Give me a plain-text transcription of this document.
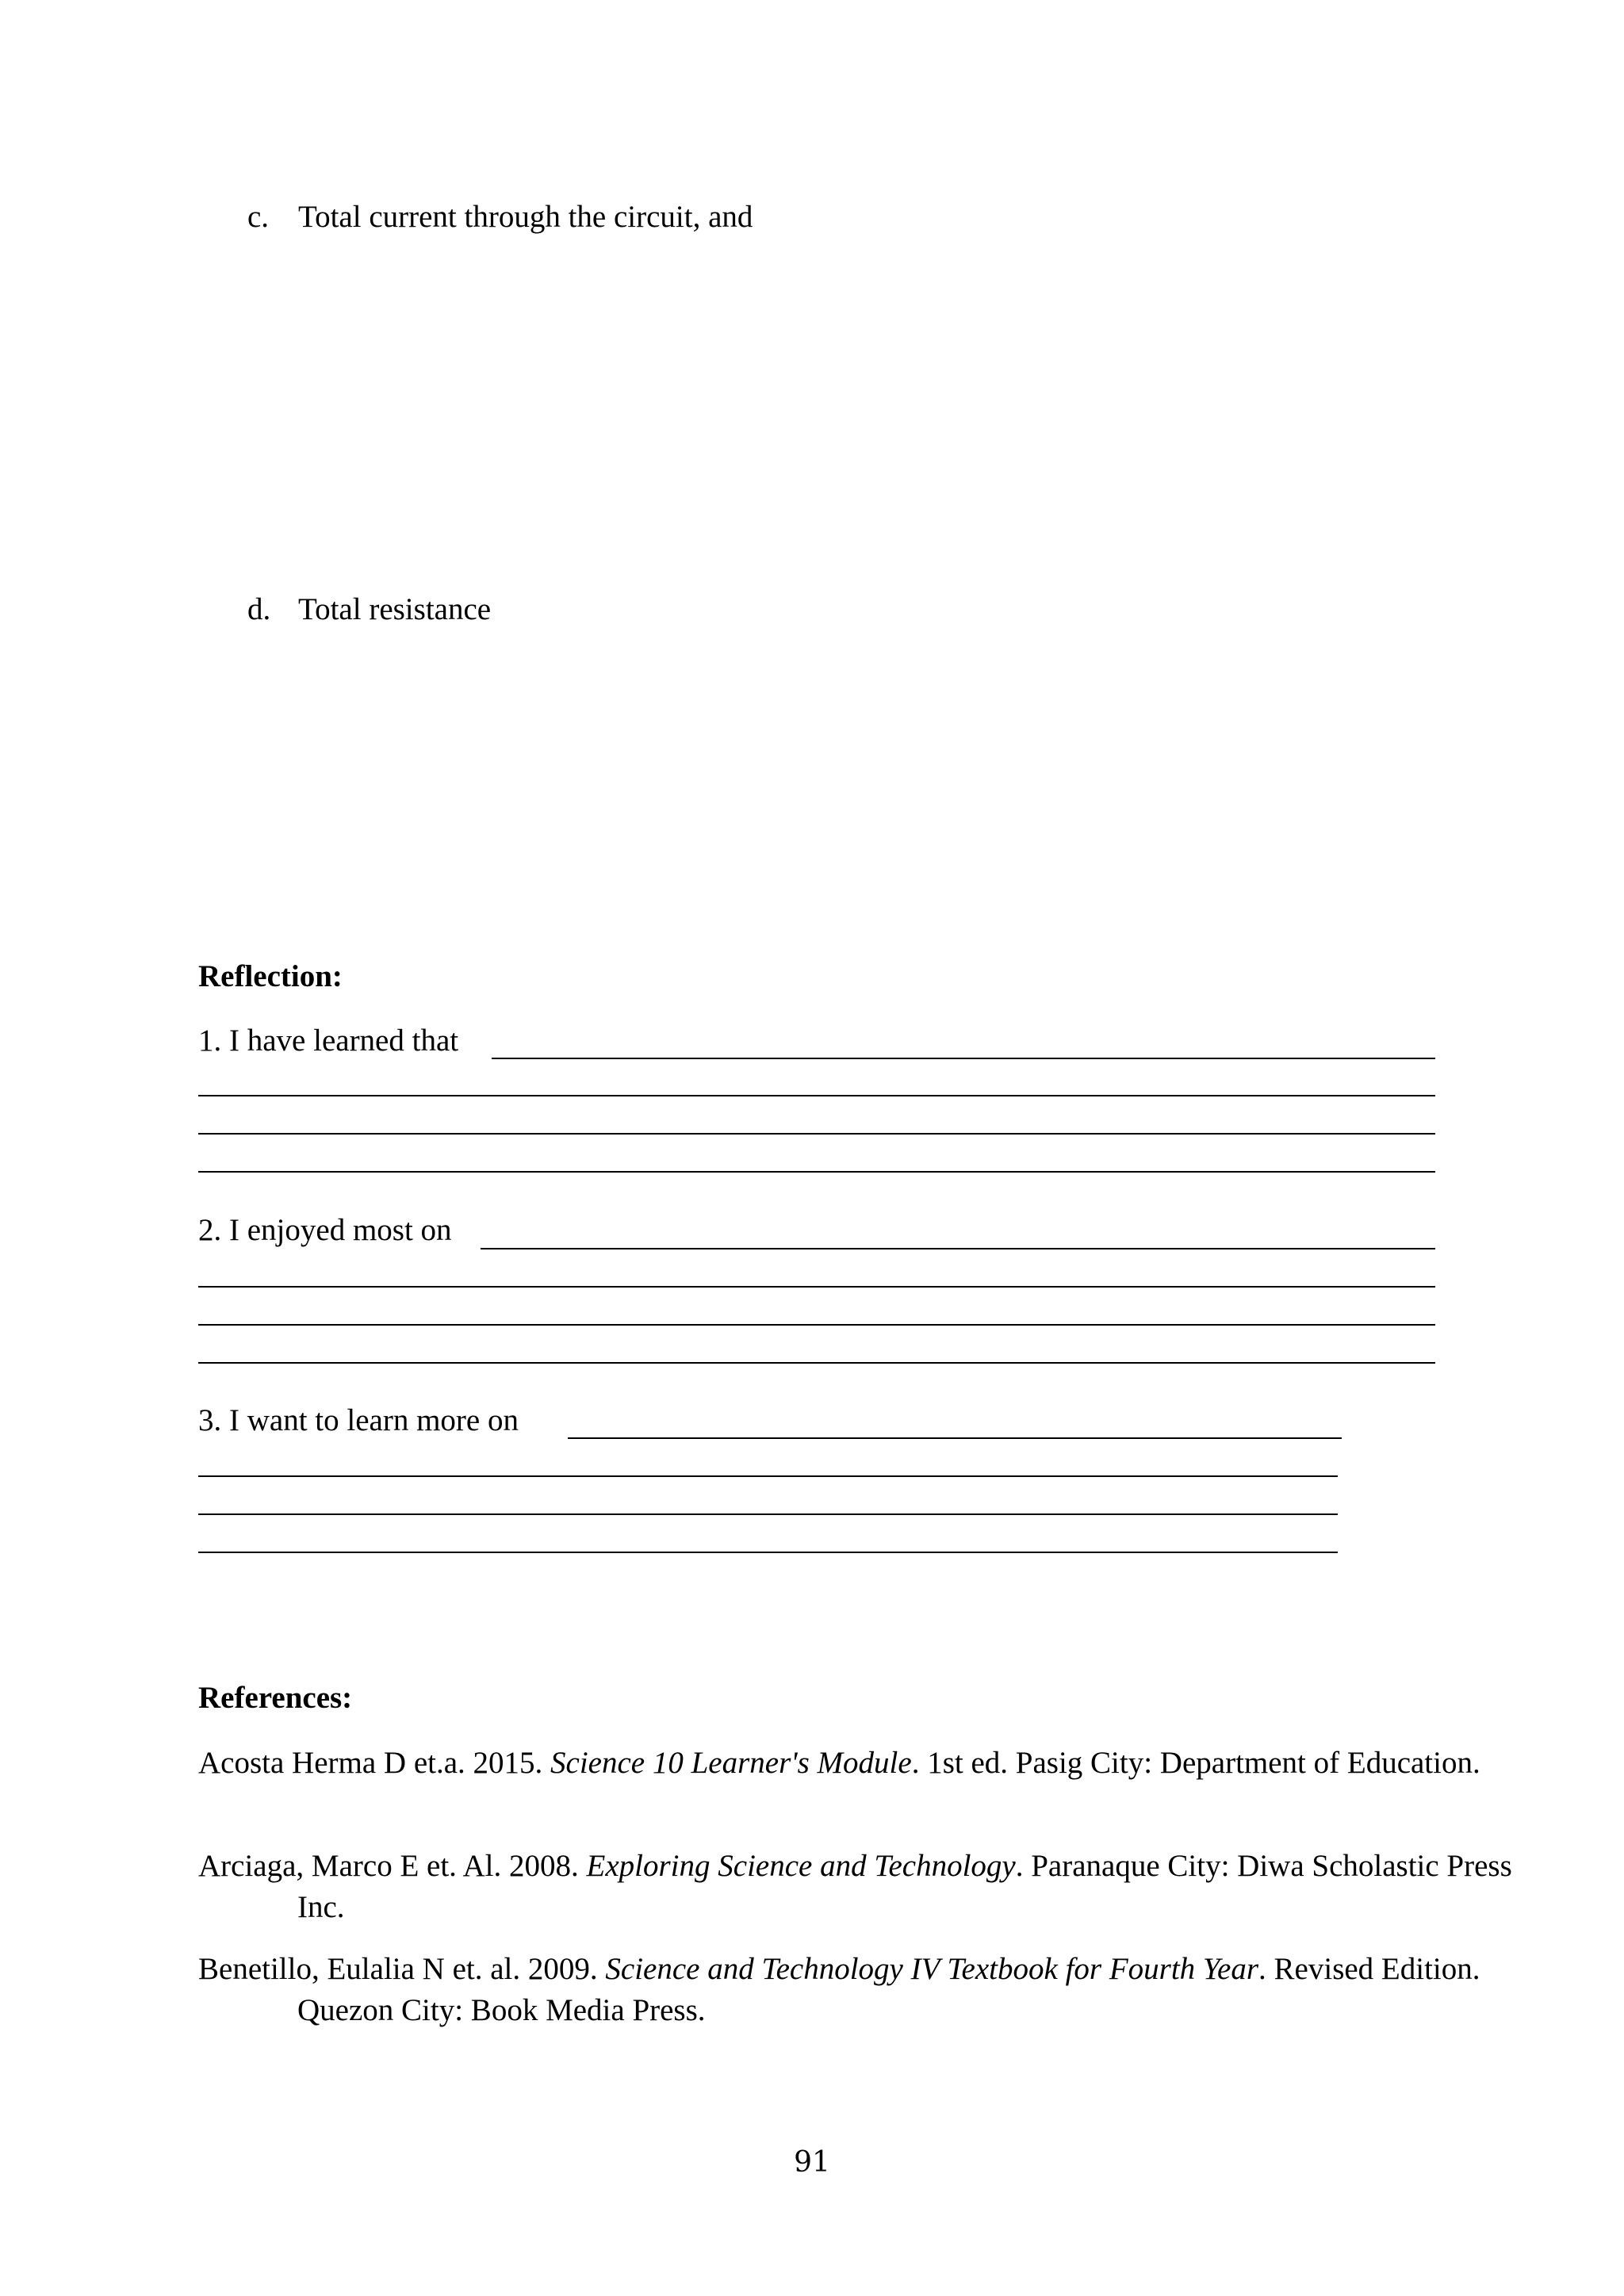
c. Total current through the circuit, and
d. Total resistance
Reflection:
1. I have learned that
2. I enjoyed most on
3. I want to learn more on
References:
Acosta Herma D et.a. 2015. Science 10 Learner's Module. 1st ed. Pasig City: Department of Education.
Arciaga, Marco E et. Al. 2008. Exploring Science and Technology. Paranaque City: Diwa Scholastic Press Inc.
Benetillo, Eulalia N et. al. 2009. Science and Technology IV Textbook for Fourth Year. Revised Edition. Quezon City: Book Media Press.
91
